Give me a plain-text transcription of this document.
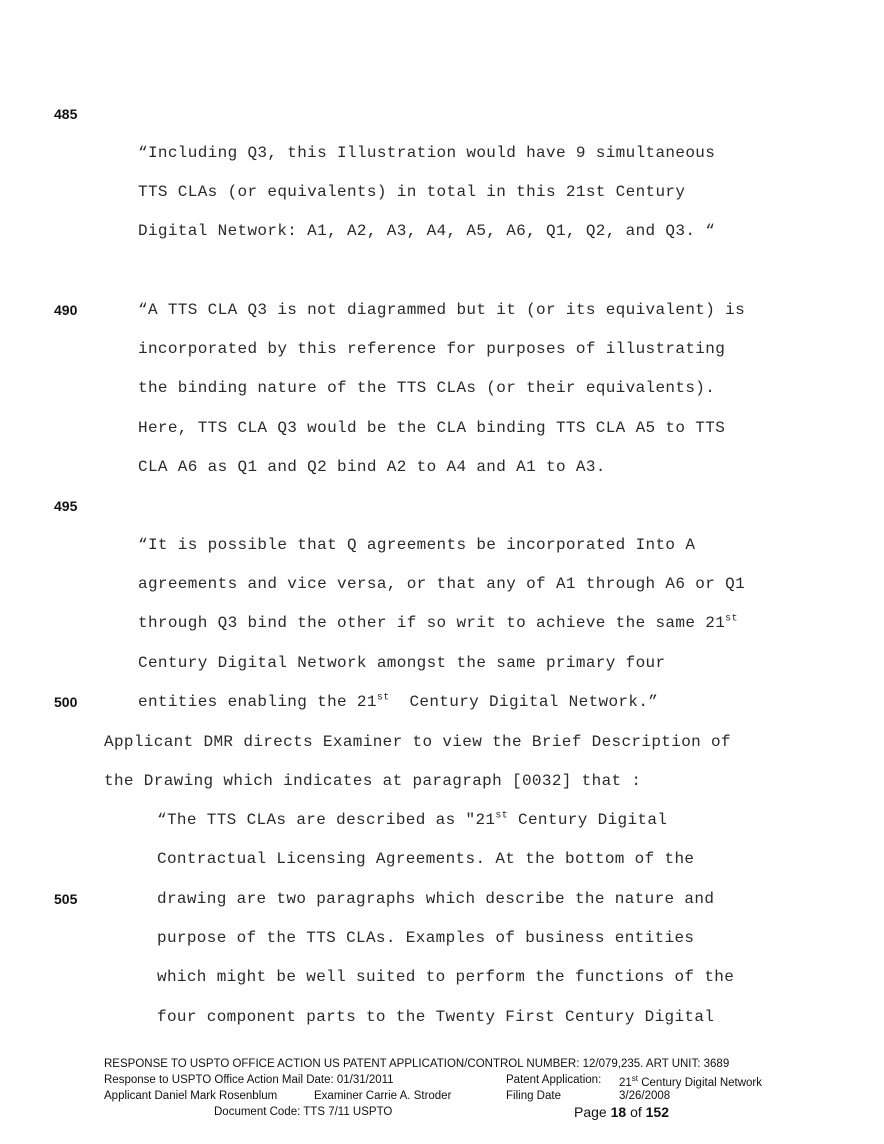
485
490
495
500
505
“Including Q3, this Illustration would have 9 simultaneous
TTS CLAs (or equivalents) in total in this 21st Century
Digital Network: A1, A2, A3, A4, A5, A6, Q1, Q2, and Q3. “
“A TTS CLA Q3 is not diagrammed but it (or its equivalent) is
incorporated by this reference for purposes of illustrating
the binding nature of the TTS CLAs (or their equivalents).
Here, TTS CLA Q3 would be the CLA binding TTS CLA A5 to TTS
CLA A6 as Q1 and Q2 bind A2 to A4 and A1 to A3.
“It is possible that Q agreements be incorporated Into A
agreements and vice versa, or that any of A1 through A6 or Q1
through Q3 bind the other if so writ to achieve the same 21st
Century Digital Network amongst the same primary four
entities enabling the 21st  Century Digital Network.”
Applicant DMR directs Examiner to view the Brief Description of
the Drawing which indicates at paragraph [0032] that :
“The TTS CLAs are described as "21st Century Digital
Contractual Licensing Agreements. At the bottom of the
drawing are two paragraphs which describe the nature and
purpose of the TTS CLAs. Examples of business entities
which might be well suited to perform the functions of the
four component parts to the Twenty First Century Digital
RESPONSE TO USPTO OFFICE ACTION US PATENT APPLICATION/CONTROL NUMBER: 12/079,235. ART UNIT: 3689
Response to USPTO Office Action Mail Date: 01/31/2011	Patent Application: 21st Century Digital Network
Applicant Daniel Mark Rosenblum	Examiner Carrie A. Stroder	Filing Date	3/26/2008
Document Code: TTS 7/11 USPTO	Page 18 of 152
